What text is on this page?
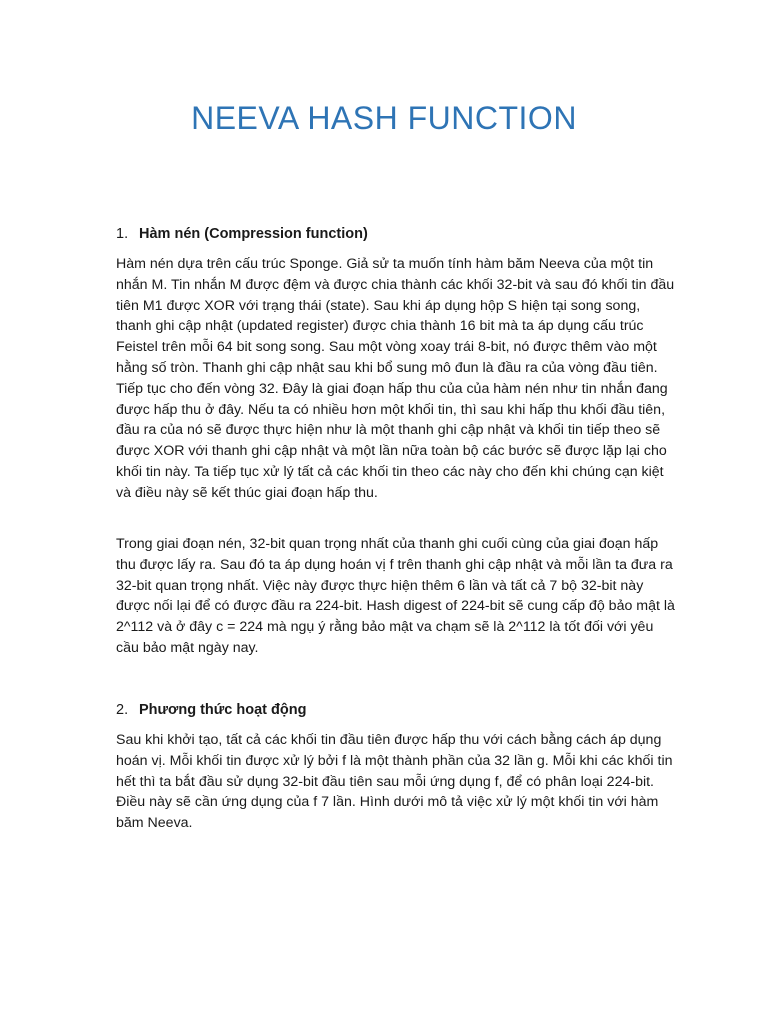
NEEVA HASH FUNCTION
1. Hàm nén (Compression function)

Hàm nén dựa trên cấu trúc Sponge. Giả sử ta muốn tính hàm băm Neeva của một tin nhắn M. Tin nhắn M được đệm và được chia thành các khối 32-bit và sau đó khối tin đầu tiên M1 được XOR với trạng thái (state). Sau khi áp dụng hộp S hiện tại song song, thanh ghi cập nhật (updated register) được chia thành 16 bit mà ta áp dụng cấu trúc Feistel trên mỗi 64 bit song song. Sau một vòng xoay trái 8-bit, nó được thêm vào một hằng số tròn. Thanh ghi cập nhật sau khi bổ sung mô đun là đầu ra của vòng đầu tiên. Tiếp tục cho đến vòng 32. Đây là giai đoạn hấp thu của của hàm nén như tin nhắn đang được hấp thu ở đây. Nếu ta có nhiều hơn một khối tin, thì sau khi hấp thu khối đầu tiên, đầu ra của nó sẽ được thực hiện như là một thanh ghi cập nhật và khối tin tiếp theo sẽ được XOR với thanh ghi cập nhật và một lần nữa toàn bộ các bước sẽ được lặp lại cho khối tin này. Ta tiếp tục xử lý tất cả các khối tin theo các này cho đến khi chúng cạn kiệt và điều này sẽ kết thúc giai đoạn hấp thu.

Trong giai đoạn nén, 32-bit quan trọng nhất của thanh ghi cuối cùng của giai đoạn hấp thu được lấy ra. Sau đó ta áp dụng hoán vị f trên thanh ghi cập nhật và mỗi lần ta đưa ra 32-bit quan trọng nhất. Việc này được thực hiện thêm 6 lần và tất cả 7 bộ 32-bit này được nối lại để có được đầu ra 224-bit. Hash digest of 224-bit sẽ cung cấp độ bảo mật là 2^112 và ở đây c = 224 mà ngụ ý rằng bảo mật va chạm sẽ là 2^112 là tốt đối với yêu cầu bảo mật ngày nay.

2. Phương thức hoạt động

Sau khi khởi tạo, tất cả các khối tin đầu tiên được hấp thu với cách bằng cách áp dụng hoán vị. Mỗi khối tin được xử lý bởi f là một thành phần của 32 lần g. Mỗi khi các khối tin hết thì ta bắt đầu sử dụng 32-bit đầu tiên sau mỗi ứng dụng f, để có phân loại 224-bit. Điều này sẽ cần ứng dụng của f 7 lần. Hình dưới mô tả việc xử lý một khối tin với hàm băm Neeva.
